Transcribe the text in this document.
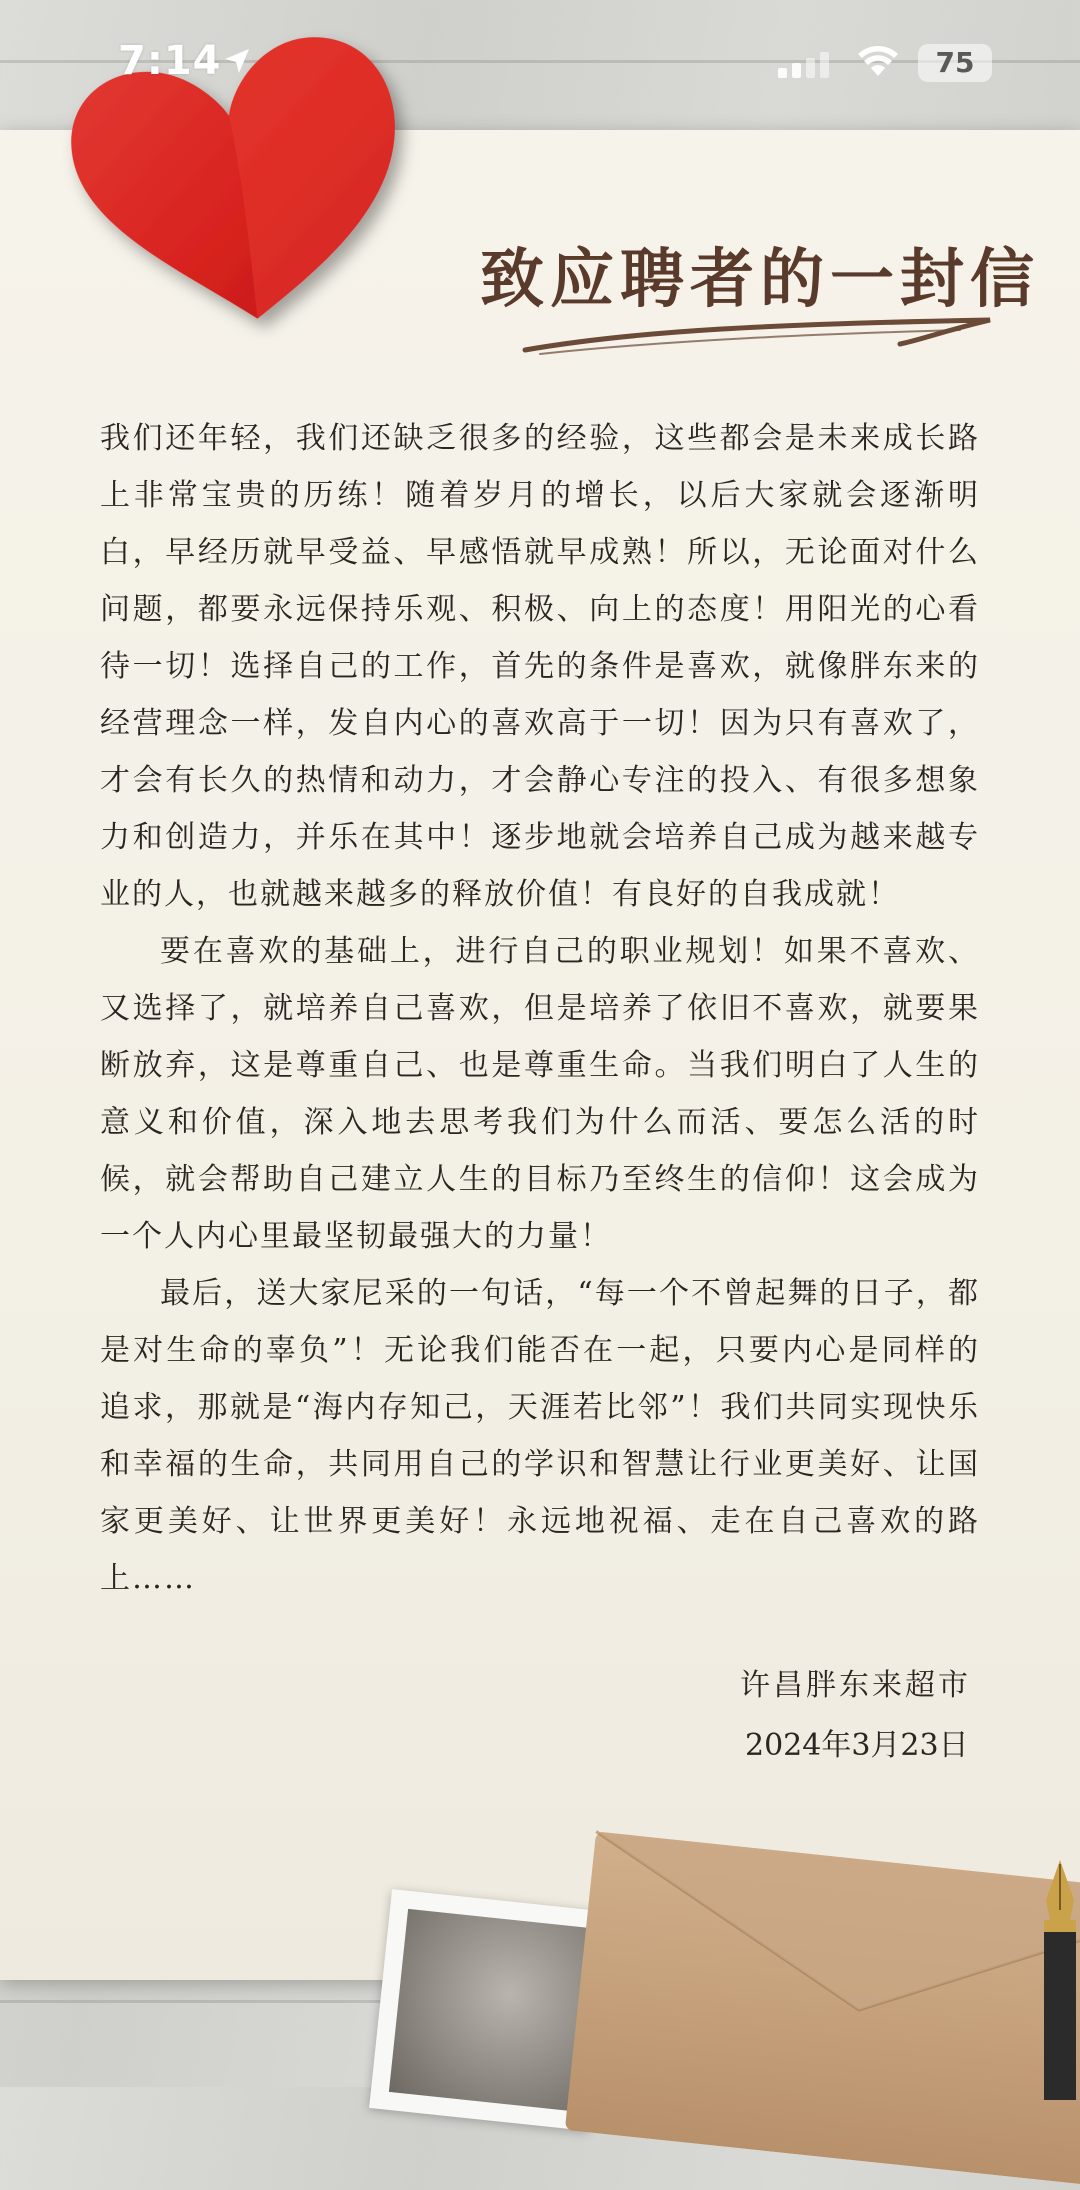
7:14	75
致应聘者的一封信

我们还年轻，我们还缺乏很多的经验，这些都会是未来成长路上非常宝贵的历练！随着岁月的增长，以后大家就会逐渐明白，早经历就早受益、早感悟就早成熟！所以，无论面对什么问题，都要永远保持乐观、积极、向上的态度！用阳光的心看待一切！选择自己的工作，首先的条件是喜欢，就像胖东来的经营理念一样，发自内心的喜欢高于一切！因为只有喜欢了，才会有长久的热情和动力，才会静心专注的投入、有很多想象力和创造力，并乐在其中！逐步地就会培养自己成为越来越专业的人，也就越来越多的释放价值！有良好的自我成就！

要在喜欢的基础上，进行自己的职业规划！如果不喜欢、又选择了，就培养自己喜欢，但是培养了依旧不喜欢，就要果断放弃，这是尊重自己、也是尊重生命。当我们明白了人生的意义和价值，深入地去思考我们为什么而活、要怎么活的时候，就会帮助自己建立人生的目标乃至终生的信仰！这会成为一个人内心里最坚韧最强大的力量！

最后，送大家尼采的一句话，“每一个不曾起舞的日子，都是对生命的辜负”！无论我们能否在一起，只要内心是同样的追求，那就是“海内存知己，天涯若比邻”！我们共同实现快乐和幸福的生命，共同用自己的学识和智慧让行业更美好、让国家更美好、让世界更美好！永远地祝福、走在自己喜欢的路上……

许昌胖东来超市
2024年3月23日
